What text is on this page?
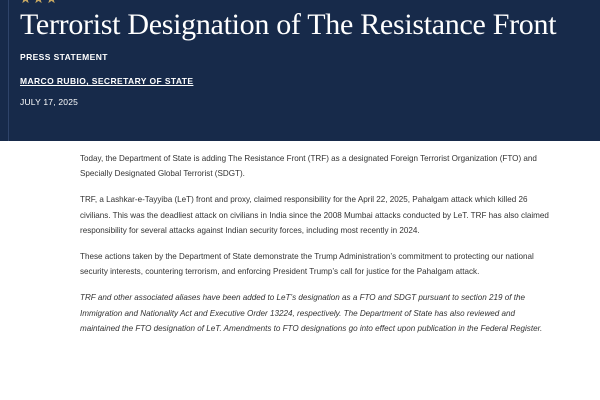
Terrorist Designation of The Resistance Front
PRESS STATEMENT
MARCO RUBIO, SECRETARY OF STATE
JULY 17, 2025

Today, the Department of State is adding The Resistance Front (TRF) as a designated Foreign Terrorist Organization (FTO) and Specially Designated Global Terrorist (SDGT).

TRF, a Lashkar-e-Tayyiba (LeT) front and proxy, claimed responsibility for the April 22, 2025, Pahalgam attack which killed 26 civilians. This was the deadliest attack on civilians in India since the 2008 Mumbai attacks conducted by LeT. TRF has also claimed responsibility for several attacks against Indian security forces, including most recently in 2024.

These actions taken by the Department of State demonstrate the Trump Administration’s commitment to protecting our national security interests, countering terrorism, and enforcing President Trump’s call for justice for the Pahalgam attack.

TRF and other associated aliases have been added to LeT’s designation as a FTO and SDGT pursuant to section 219 of the Immigration and Nationality Act and Executive Order 13224, respectively. The Department of State has also reviewed and maintained the FTO designation of LeT. Amendments to FTO designations go into effect upon publication in the Federal Register.
